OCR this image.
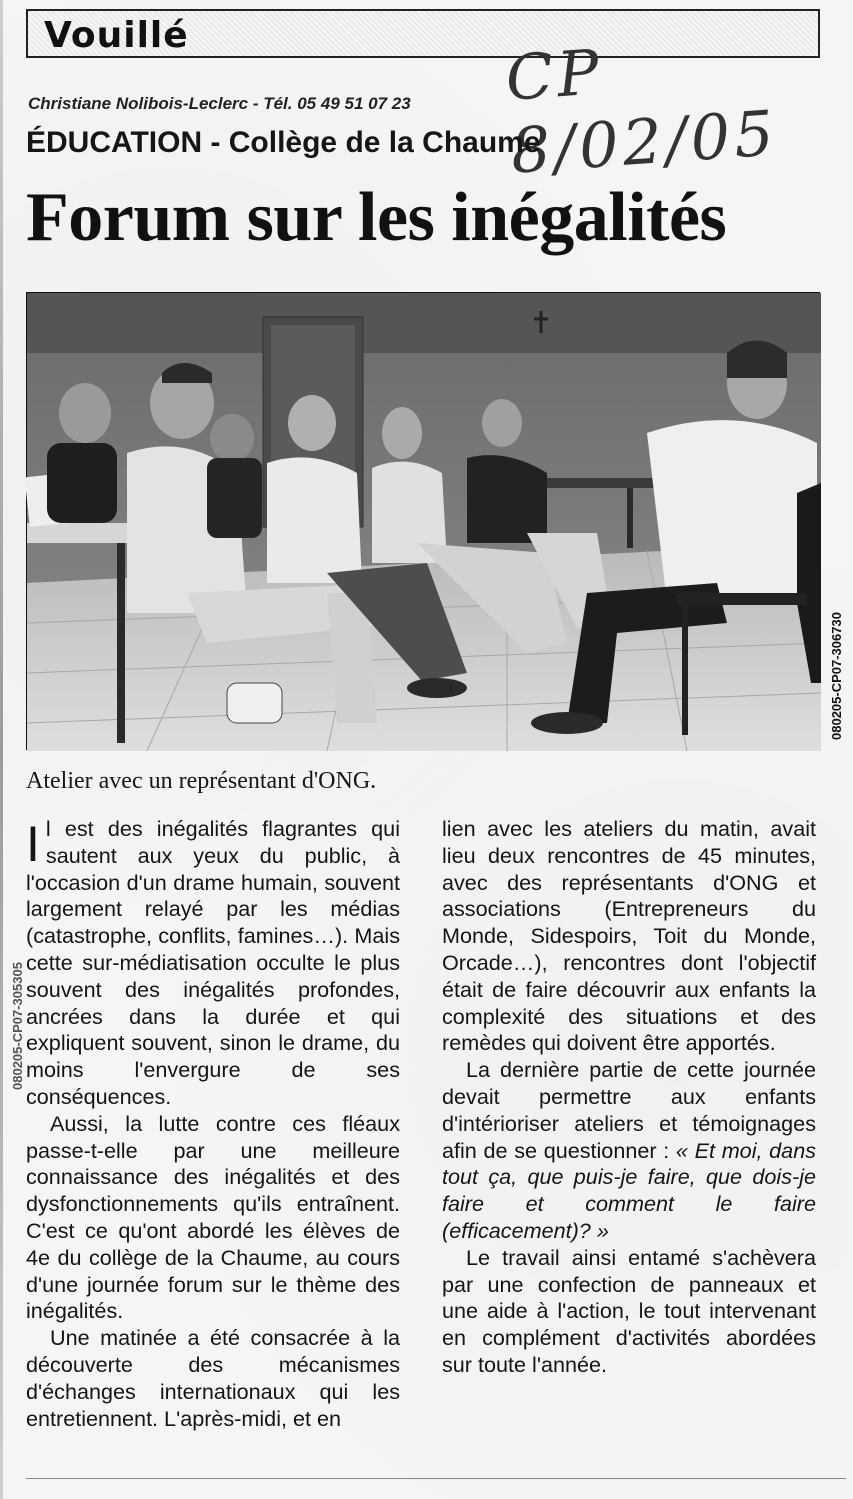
Vouillé	CP 8/02/05
Christiane Nolibois-Leclerc - Tél. 05 49 51 07 23
ÉDUCATION - Collège de la Chaume
Forum sur les inégalités
080205-CP07-306730
080205-CP07-305305
Atelier avec un représentant d'ONG.

Il est des inégalités flagrantes qui sautent aux yeux du public, à l'occasion d'un drame humain, souvent largement relayé par les médias (catastrophe, conflits, famines…). Mais cette sur-médiatisation occulte le plus souvent des inégalités profondes, ancrées dans la durée et qui expliquent souvent, sinon le drame, du moins l'envergure de ses conséquences.

Aussi, la lutte contre ces fléaux passe-t-elle par une meilleure connaissance des inégalités et des dysfonctionnements qu'ils entraînent. C'est ce qu'ont abordé les élèves de 4e du collège de la Chaume, au cours d'une journée forum sur le thème des inégalités.

Une matinée a été consacrée à la découverte des mécanismes d'échanges internationaux qui les entretiennent. L'après-midi, et en

lien avec les ateliers du matin, avait lieu deux rencontres de 45 minutes, avec des représentants d'ONG et associations (Entrepreneurs du Monde, Sidespoirs, Toit du Monde, Orcade…), rencontres dont l'objectif était de faire découvrir aux enfants la complexité des situations et des remèdes qui doivent être apportés.

La dernière partie de cette journée devait permettre aux enfants d'intérioriser ateliers et témoignages afin de se questionner : « Et moi, dans tout ça, que puis-je faire, que dois-je faire et comment le faire (efficacement)? »

Le travail ainsi entamé s'achèvera par une confection de panneaux et une aide à l'action, le tout intervenant en complément d'activités abordées sur toute l'année.
